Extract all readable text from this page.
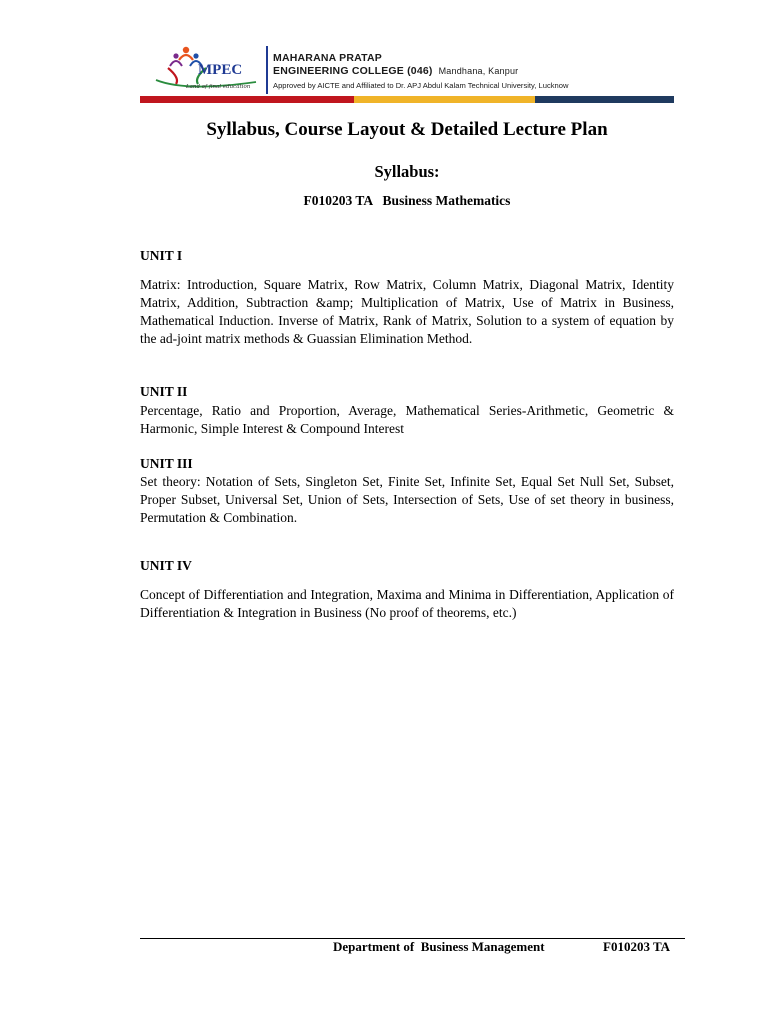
MPEC
Land of final education
MAHARANA PRATAP
ENGINEERING COLLEGE (046) Mandhana, Kanpur
Approved by AICTE and Affiliated to Dr. APJ Abdul Kalam Technical University, Lucknow
Syllabus, Course Layout & Detailed Lecture Plan
Syllabus:
F010203 TA   Business Mathematics
UNIT I
Matrix: Introduction, Square Matrix, Row Matrix, Column Matrix, Diagonal Matrix, Identity Matrix, Addition, Subtraction &amp; Multiplication of Matrix, Use of Matrix in Business, Mathematical Induction. Inverse of Matrix, Rank of Matrix, Solution to a system of equation by the ad-joint matrix methods & Guassian Elimination Method.
UNIT II
Percentage, Ratio and Proportion, Average, Mathematical Series-Arithmetic, Geometric & Harmonic, Simple Interest & Compound Interest
UNIT III
Set theory: Notation of Sets, Singleton Set, Finite Set, Infinite Set, Equal Set Null Set, Subset, Proper Subset, Universal Set, Union of Sets, Intersection of Sets, Use of set theory in business, Permutation & Combination.
UNIT IV
Concept of Differentiation and Integration, Maxima and Minima in Differentiation, Application of Differentiation & Integration in Business (No proof of theorems, etc.)
Department of  Business Management	F010203 TA
